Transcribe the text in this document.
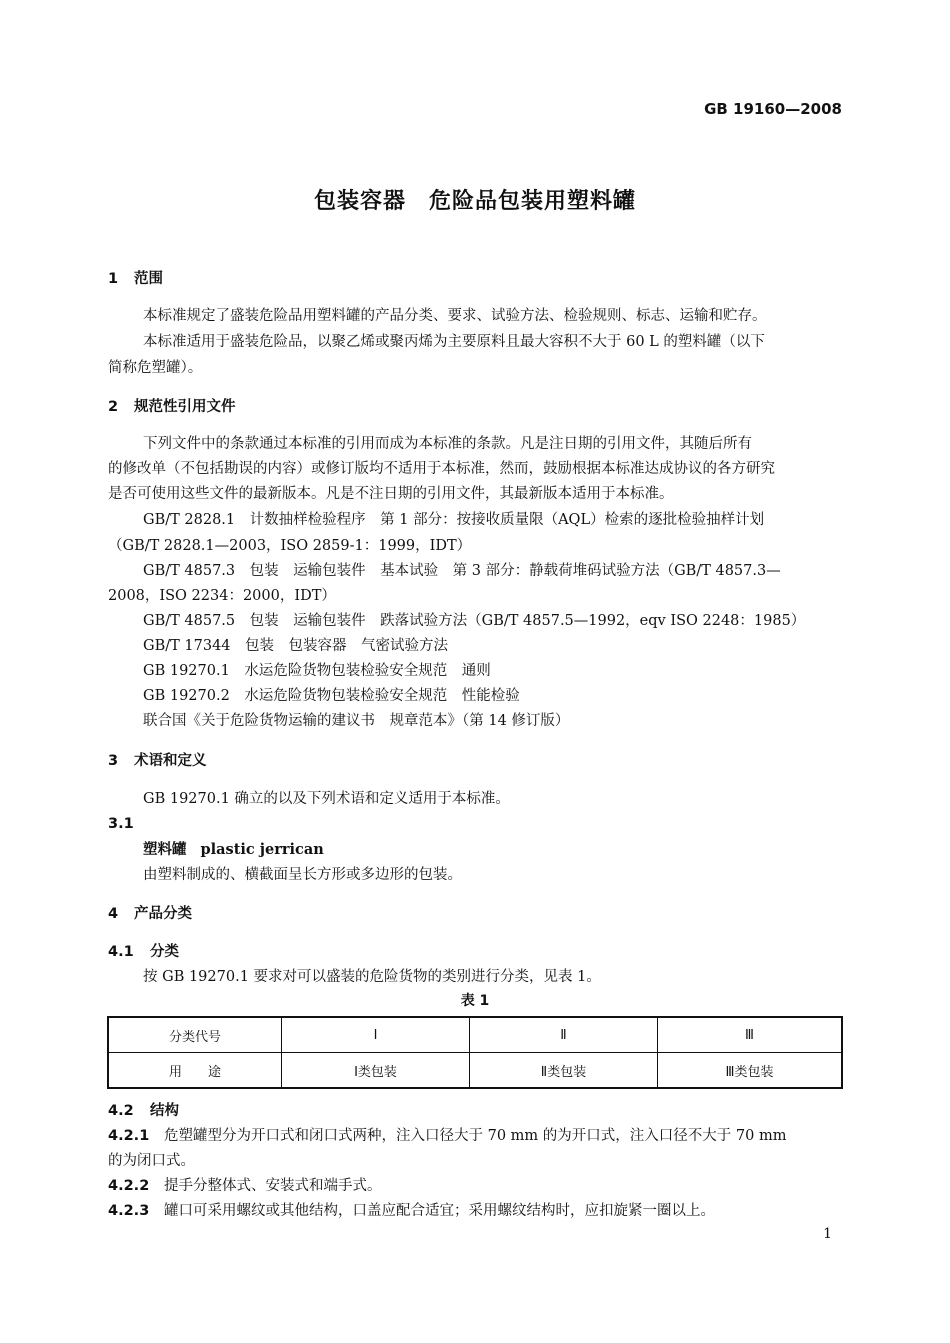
GB 19160—2008
包装容器　危险品包装用塑料罐
1 范围
本标准规定了盛装危险品用塑料罐的产品分类、要求、试验方法、检验规则、标志、运输和贮存。
本标准适用于盛装危险品，以聚乙烯或聚丙烯为主要原料且最大容积不大于 60 L 的塑料罐（以下
简称危塑罐）。
2 规范性引用文件
下列文件中的条款通过本标准的引用而成为本标准的条款。凡是注日期的引用文件，其随后所有
的修改单（不包括勘误的内容）或修订版均不适用于本标准，然而，鼓励根据本标准达成协议的各方研究
是否可使用这些文件的最新版本。凡是不注日期的引用文件，其最新版本适用于本标准。
GB/T 2828.1　计数抽样检验程序　第 1 部分：按接收质量限（AQL）检索的逐批检验抽样计划
（GB/T 2828.1—2003，ISO 2859-1：1999，IDT）
GB/T 4857.3　包装　运输包装件　基本试验　第 3 部分：静载荷堆码试验方法（GB/T 4857.3—
2008，ISO 2234：2000，IDT）
GB/T 4857.5　包装　运输包装件　跌落试验方法（GB/T 4857.5—1992，eqv ISO 2248：1985）
GB/T 17344　包装　包装容器　气密试验方法
GB 19270.1　水运危险货物包装检验安全规范　通则
GB 19270.2　水运危险货物包装检验安全规范　性能检验
联合国《关于危险货物运输的建议书　规章范本》（第 14 修订版）
3 术语和定义
GB 19270.1 确立的以及下列术语和定义适用于本标准。
3.1
塑料罐 plastic jerrican
由塑料制成的、横截面呈长方形或多边形的包装。
4 产品分类
4.1 分类
按 GB 19270.1 要求对可以盛装的危险货物的类别进行分类，见表 1。
表 1
分类代号	Ⅰ	Ⅱ	Ⅲ
用　　途	Ⅰ类包装	Ⅱ类包装	Ⅲ类包装
4.2 结构
4.2.1 危塑罐型分为开口式和闭口式两种，注入口径大于 70 mm 的为开口式，注入口径不大于 70 mm
的为闭口式。
4.2.2 提手分整体式、安装式和端手式。
4.2.3 罐口可采用螺纹或其他结构，口盖应配合适宜；采用螺纹结构时，应扣旋紧一圈以上。
1
